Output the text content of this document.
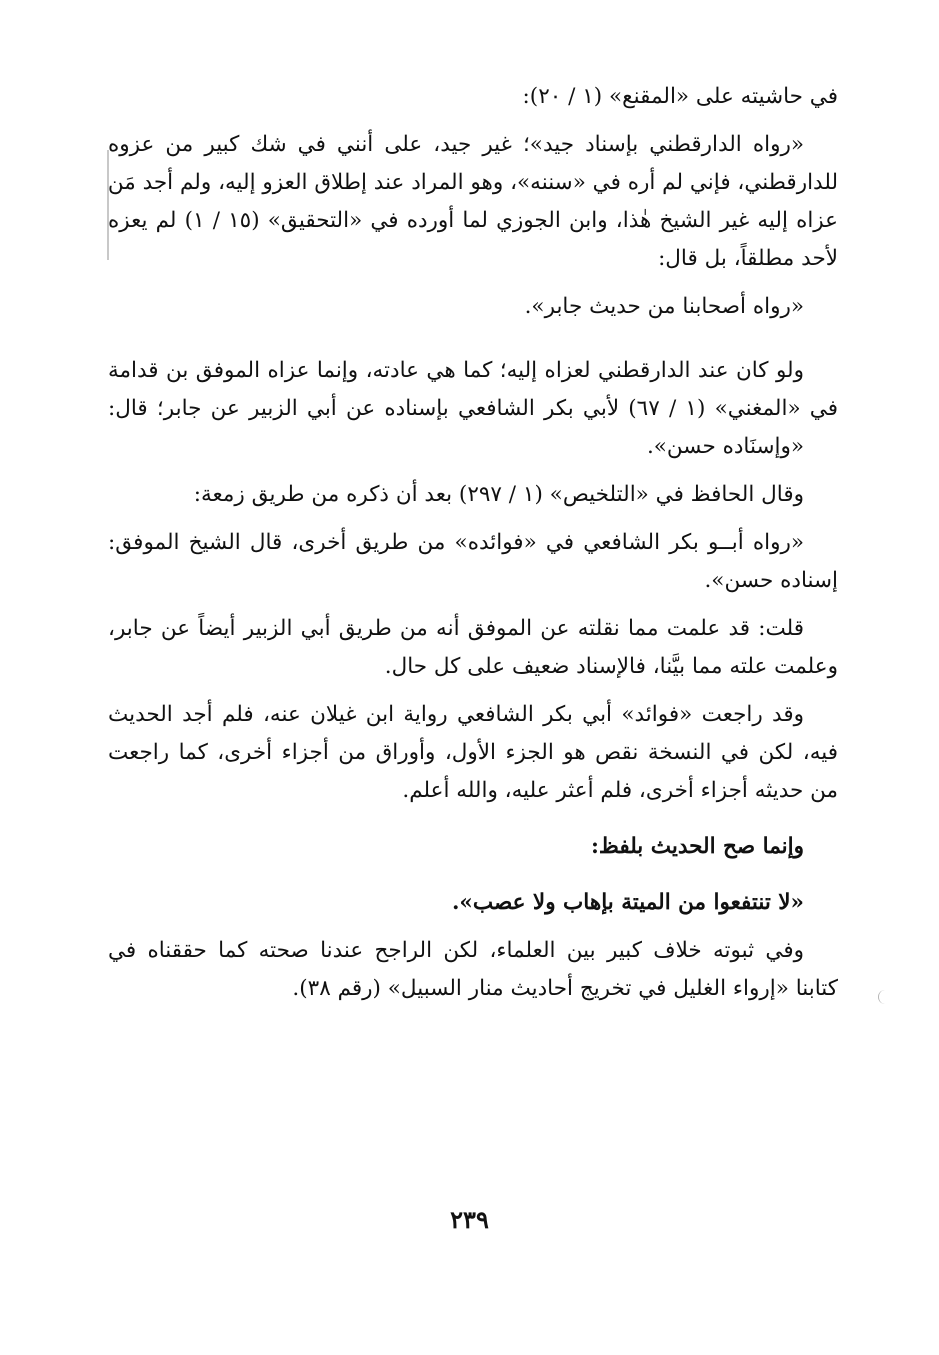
في حاشيته على «المقنع» (١ / ٢٠):
«رواه الدارقطني بإسناد جيد»؛ غير جيد، على أنني في شك كبير من عزوه
للدارقطني، فإني لم أره في «سننه»، وهو المراد عند إطلاق العزو إليه، ولم أجد مَن
عزاه إليه غير الشيخ هٰذا، وابن الجوزي لما أورده في «التحقيق» (١٥ / ١) لم يعزه
لأحد مطلقاً، بل قال:
«رواه أصحابنا من حديث جابر».
ولو كان عند الدارقطني لعزاه إليه؛ كما هي عادته، وإنما عزاه الموفق بن قدامة
في «المغني» (١ / ٦٧) لأبي بكر الشافعي بإسناده عن أبي الزبير عن جابر؛ قال:
«وإسنَاده حسن».
وقال الحافظ في «التلخيص» (١ / ٢٩٧) بعد أن ذكره من طريق زمعة:
«رواه أبــو بكر الشافعي في «فوائده» من طريق أخرى، قال الشيخ الموفق:
إسناده حسن».
قلت: قد علمت مما نقلته عن الموفق أنه من طريق أبي الزبير أيضاً عن جابر،
وعلمت علته مما بيَّنا، فالإسناد ضعيف على كل حال.
وقد راجعت «فوائد» أبي بكر الشافعي رواية ابن غيلان عنه، فلم أجد الحديث
فيه، لكن في النسخة نقص هو الجزء الأول، وأوراق من أجزاء أخرى، كما راجعت
من حديثه أجزاء أخرى، فلم أعثر عليه، والله أعلم.
وإنما صح الحديث بلفظ:
«لا تنتفعوا من الميتة بإهاب ولا عصب».
وفي ثبوته خلاف كبير بين العلماء، لكن الراجح عندنا صحته كما حققناه في
كتابنا «إرواء الغليل في تخريج أحاديث منار السبيل» (رقم ٣٨).
٢٣٩
